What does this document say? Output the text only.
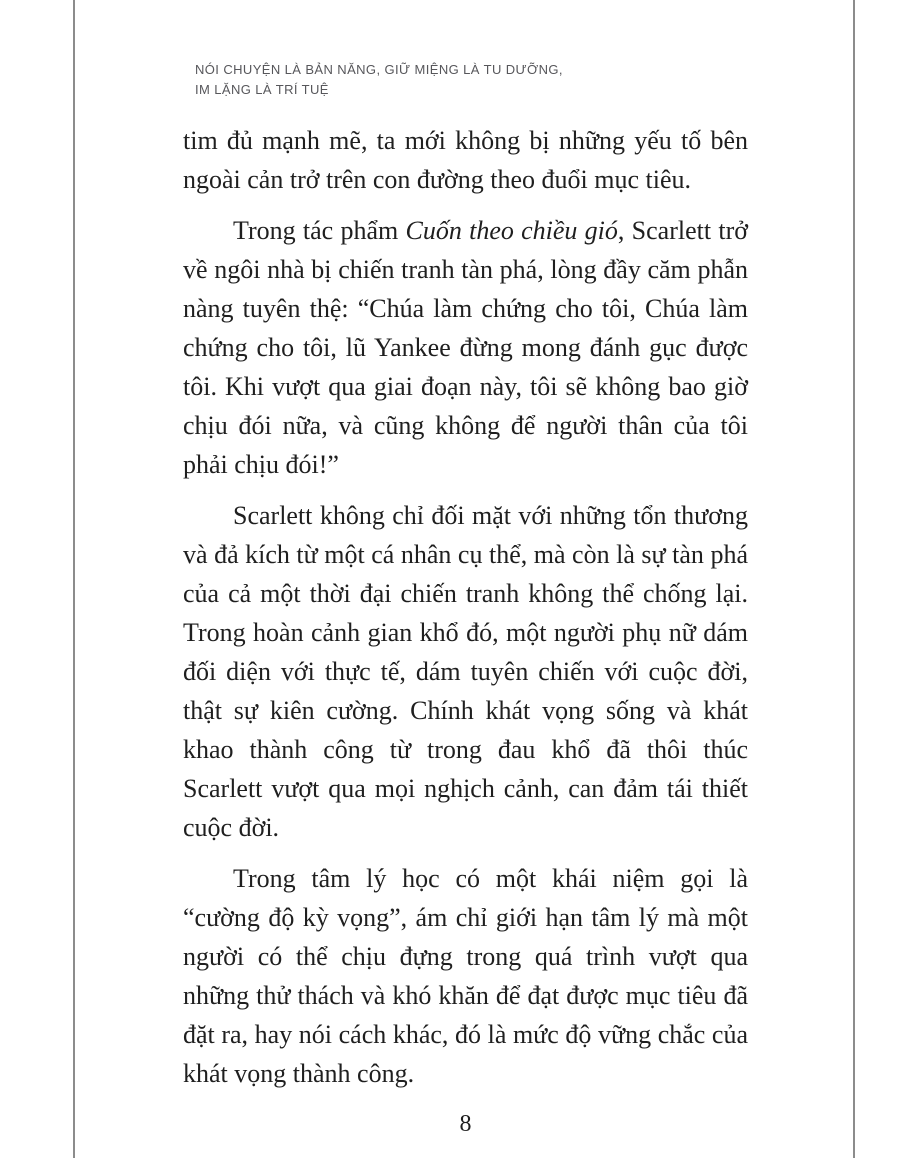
NÓI CHUYỆN LÀ BẢN NĂNG, GIỮ MIỆNG LÀ TU DƯỠNG,
IM LẶNG LÀ TRÍ TUỆ

tim đủ mạnh mẽ, ta mới không bị những yếu tố bên ngoài cản trở trên con đường theo đuổi mục tiêu.

Trong tác phẩm Cuốn theo chiều gió, Scarlett trở về ngôi nhà bị chiến tranh tàn phá, lòng đầy căm phẫn nàng tuyên thệ: “Chúa làm chứng cho tôi, Chúa làm chứng cho tôi, lũ Yankee đừng mong đánh gục được tôi. Khi vượt qua giai đoạn này, tôi sẽ không bao giờ chịu đói nữa, và cũng không để người thân của tôi phải chịu đói!”

Scarlett không chỉ đối mặt với những tổn thương và đả kích từ một cá nhân cụ thể, mà còn là sự tàn phá của cả một thời đại chiến tranh không thể chống lại. Trong hoàn cảnh gian khổ đó, một người phụ nữ dám đối diện với thực tế, dám tuyên chiến với cuộc đời, thật sự kiên cường. Chính khát vọng sống và khát khao thành công từ trong đau khổ đã thôi thúc Scarlett vượt qua mọi nghịch cảnh, can đảm tái thiết cuộc đời.

Trong tâm lý học có một khái niệm gọi là “cường độ kỳ vọng”, ám chỉ giới hạn tâm lý mà một người có thể chịu đựng trong quá trình vượt qua những thử thách và khó khăn để đạt được mục tiêu đã đặt ra, hay nói cách khác, đó là mức độ vững chắc của khát vọng thành công.

8
